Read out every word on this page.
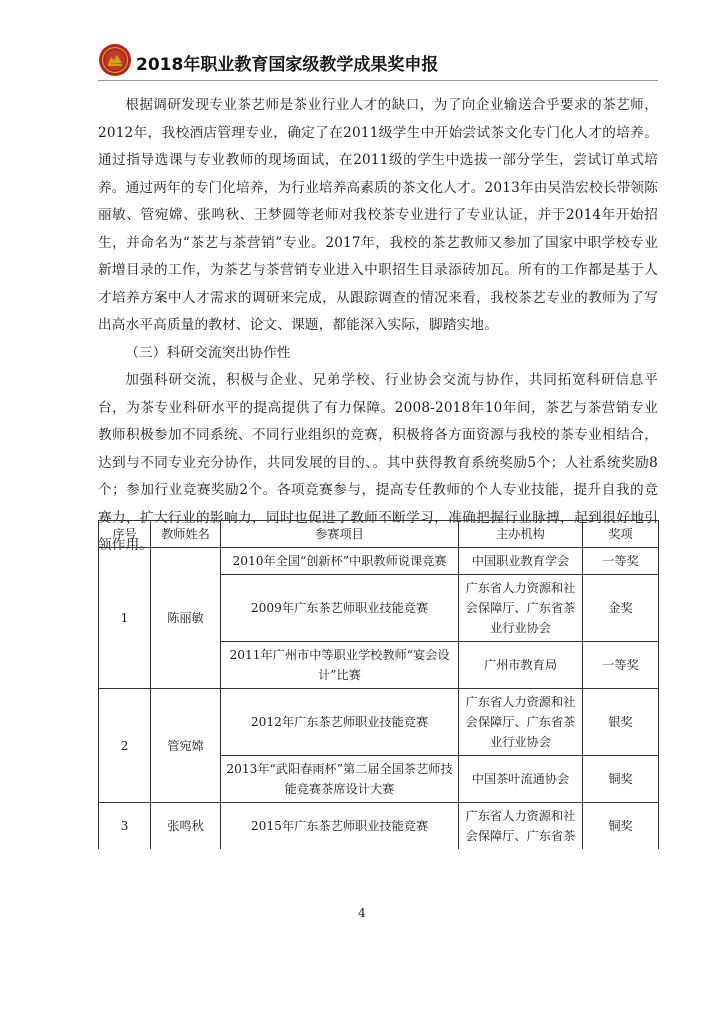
2018年职业教育国家级教学成果奖申报

根据调研发现专业茶艺师是茶业行业人才的缺口，为了向企业输送合乎要求的茶艺师，2012年，我校酒店管理专业，确定了在2011级学生中开始尝试茶文化专门化人才的培养。通过指导选课与专业教师的现场面试，在2011级的学生中选拔一部分学生，尝试订单式培养。通过两年的专门化培养，为行业培养高素质的茶文化人才。2013年由吴浩宏校长带领陈丽敏、管宛嫦、张鸣秋、王梦圆等老师对我校茶专业进行了专业认证，并于2014年开始招生，并命名为“茶艺与茶营销”专业。2017年，我校的茶艺教师又参加了国家中职学校专业新增目录的工作，为茶艺与茶营销专业进入中职招生目录添砖加瓦。所有的工作都是基于人才培养方案中人才需求的调研来完成，从跟踪调查的情况来看，我校茶艺专业的教师为了写出高水平高质量的教材、论文、课题，都能深入实际，脚踏实地。

（三）科研交流突出协作性

加强科研交流，积极与企业、兄弟学校、行业协会交流与协作，共同拓宽科研信息平台，为茶专业科研水平的提高提供了有力保障。2008-2018年10年间，茶艺与茶营销专业教师积极参加不同系统、不同行业组织的竞赛，积极将各方面资源与我校的茶专业相结合，达到与不同专业充分协作，共同发展的目的、。其中获得教育系统奖励5个；人社系统奖励8个；参加行业竞赛奖励2个。各项竞赛参与，提高专任教师的个人专业技能，提升自我的竞赛力，扩大行业的影响力，同时也促进了教师不断学习，准确把握行业脉搏，起到很好地引领作用。

序号	教师姓名	参赛项目	主办机构	奖项
1	陈丽敏	2010年全国“创新杯”中职教师说课竞赛	中国职业教育学会	一等奖
		2009年广东茶艺师职业技能竞赛	广东省人力资源和社会保障厅、广东省茶业行业协会	金奖
		2011年广州市中等职业学校教师“宴会设计”比赛	广州市教育局	一等奖
2	管宛嫦	2012年广东茶艺师职业技能竞赛	广东省人力资源和社会保障厅、广东省茶业行业协会	银奖
		2013年“武阳春雨杯”第二届全国茶艺师技能竞赛茶席设计大赛	中国茶叶流通协会	铜奖
3	张鸣秋	2015年广东茶艺师职业技能竞赛	广东省人力资源和社会保障厅、广东省茶	铜奖
4
